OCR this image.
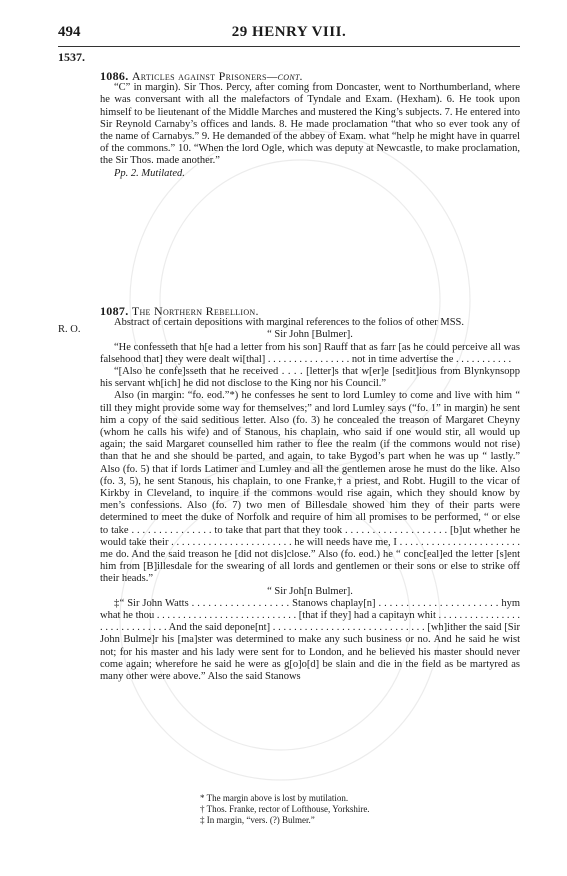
494	29 HENRY VIII.
1537.

1086. Articles against Prisoners—cont.

“C” in margin). Sir Thos. Percy, after coming from Doncaster, went to Northumberland, where he was conversant with all the malefactors of Tyndale and Exam. (Hexham). 6. He took upon himself to be lieutenant of the Middle Marches and mustered the King’s subjects. 7. He entered into Sir Reynold Carnaby’s offices and lands. 8. He made proclamation “that who so ever took any of the name of Carnabys.” 9. He demanded of the abbey of Exam. what “help he might have in quarrel of the commons.” 10. “When the lord Ogle, which was deputy at Newcastle, to make proclamation, the Sir Thos. made another.”

Pp. 2. Mutilated.

R. O.

1087. The Northern Rebellion.

Abstract of certain depositions with marginal references to the folios of other MSS.

“ Sir John [Bulmer].

“He confesseth that h[e had a letter from his son] Rauff that as farr [as he could perceive all was falsehood that] they were dealt wi[thal] . . . . . . . . . . . . . . . . not in time advertise the . . . . . . . . . . .

“[Also he confe]sseth that he received . . . . [letter]s that w[er]e [sedit]ious from Blynkynsopp his servant wh[ich] he did not disclose to the King nor his Council.”

Also (in margin: “fo. eod.”*) he confesses he sent to lord Lumley to come and live with him “ till they might provide some way for themselves;” and lord Lumley says (“fo. 1” in margin) he sent him a copy of the said seditious letter. Also (fo. 3) he concealed the treason of Margaret Cheyny (whom he calls his wife) and of Stanous, his chaplain, who said if one would stir, all would up again; the said Margaret counselled him rather to flee the realm (if the commons would not rise) than that he and she should be parted, and again, to take Bygod’s part when he was up “ lastly.” Also (fo. 5) that if lords Latimer and Lumley and all the gentlemen arose he must do the like. Also (fo. 3, 5), he sent Stanous, his chaplain, to one Franke,† a priest, and Robt. Hugill to the vicar of Kirkby in Cleveland, to inquire if the commons would rise again, which they should know by men’s confessions. Also (fo. 7) two men of Billesdale showed him they of their parts were determined to meet the duke of Norfolk and require of him all promises to be performed, “ or else to take . . . . . . . . . . . . . . . to take that part that they took . . . . . . . . . . . . . . . . . . . [b]ut whether he would take their . . . . . . . . . . . . . . . . . . . . . . . he will needs have me, I . . . . . . . . . . . . . . . . . . . . . . . me do. And the said treason he [did not dis]close.” Also (fo. eod.) he “ conc[eal]ed the letter [s]ent him from [B]illesdale for the swearing of all lords and gentlemen or their sons or else to strike off their heads.”

“ Sir Joh[n Bulmer].

‡“ Sir John Watts . . . . . . . . . . . . . . . . . . Stanows chaplay[n] . . . . . . . . . . . . . . . . . . . . . . hym what he thou . . . . . . . . . . . . . . . . . . . . . . . . . . . [that if they] had a capitayn whit . . . . . . . . . . . . . . . . . . . . . . . . . . . . . And the said depone[nt] . . . . . . . . . . . . . . . . . . . . . . . . . . . . . [wh]ither the said [Sir John Bulme]r his [ma]ster was determined to make any such business or no. And he said he wist not; for his master and his lady were sent for to London, and he believed his master should never come again; wherefore he said he were as g[o]o[d] be slain and die in the field as be martyred as many other were above.” Also the said Stanows

* The margin above is lost by mutilation.
† Thos. Franke, rector of Lofthouse, Yorkshire.
‡ In margin, “vers. (?) Bulmer.”
